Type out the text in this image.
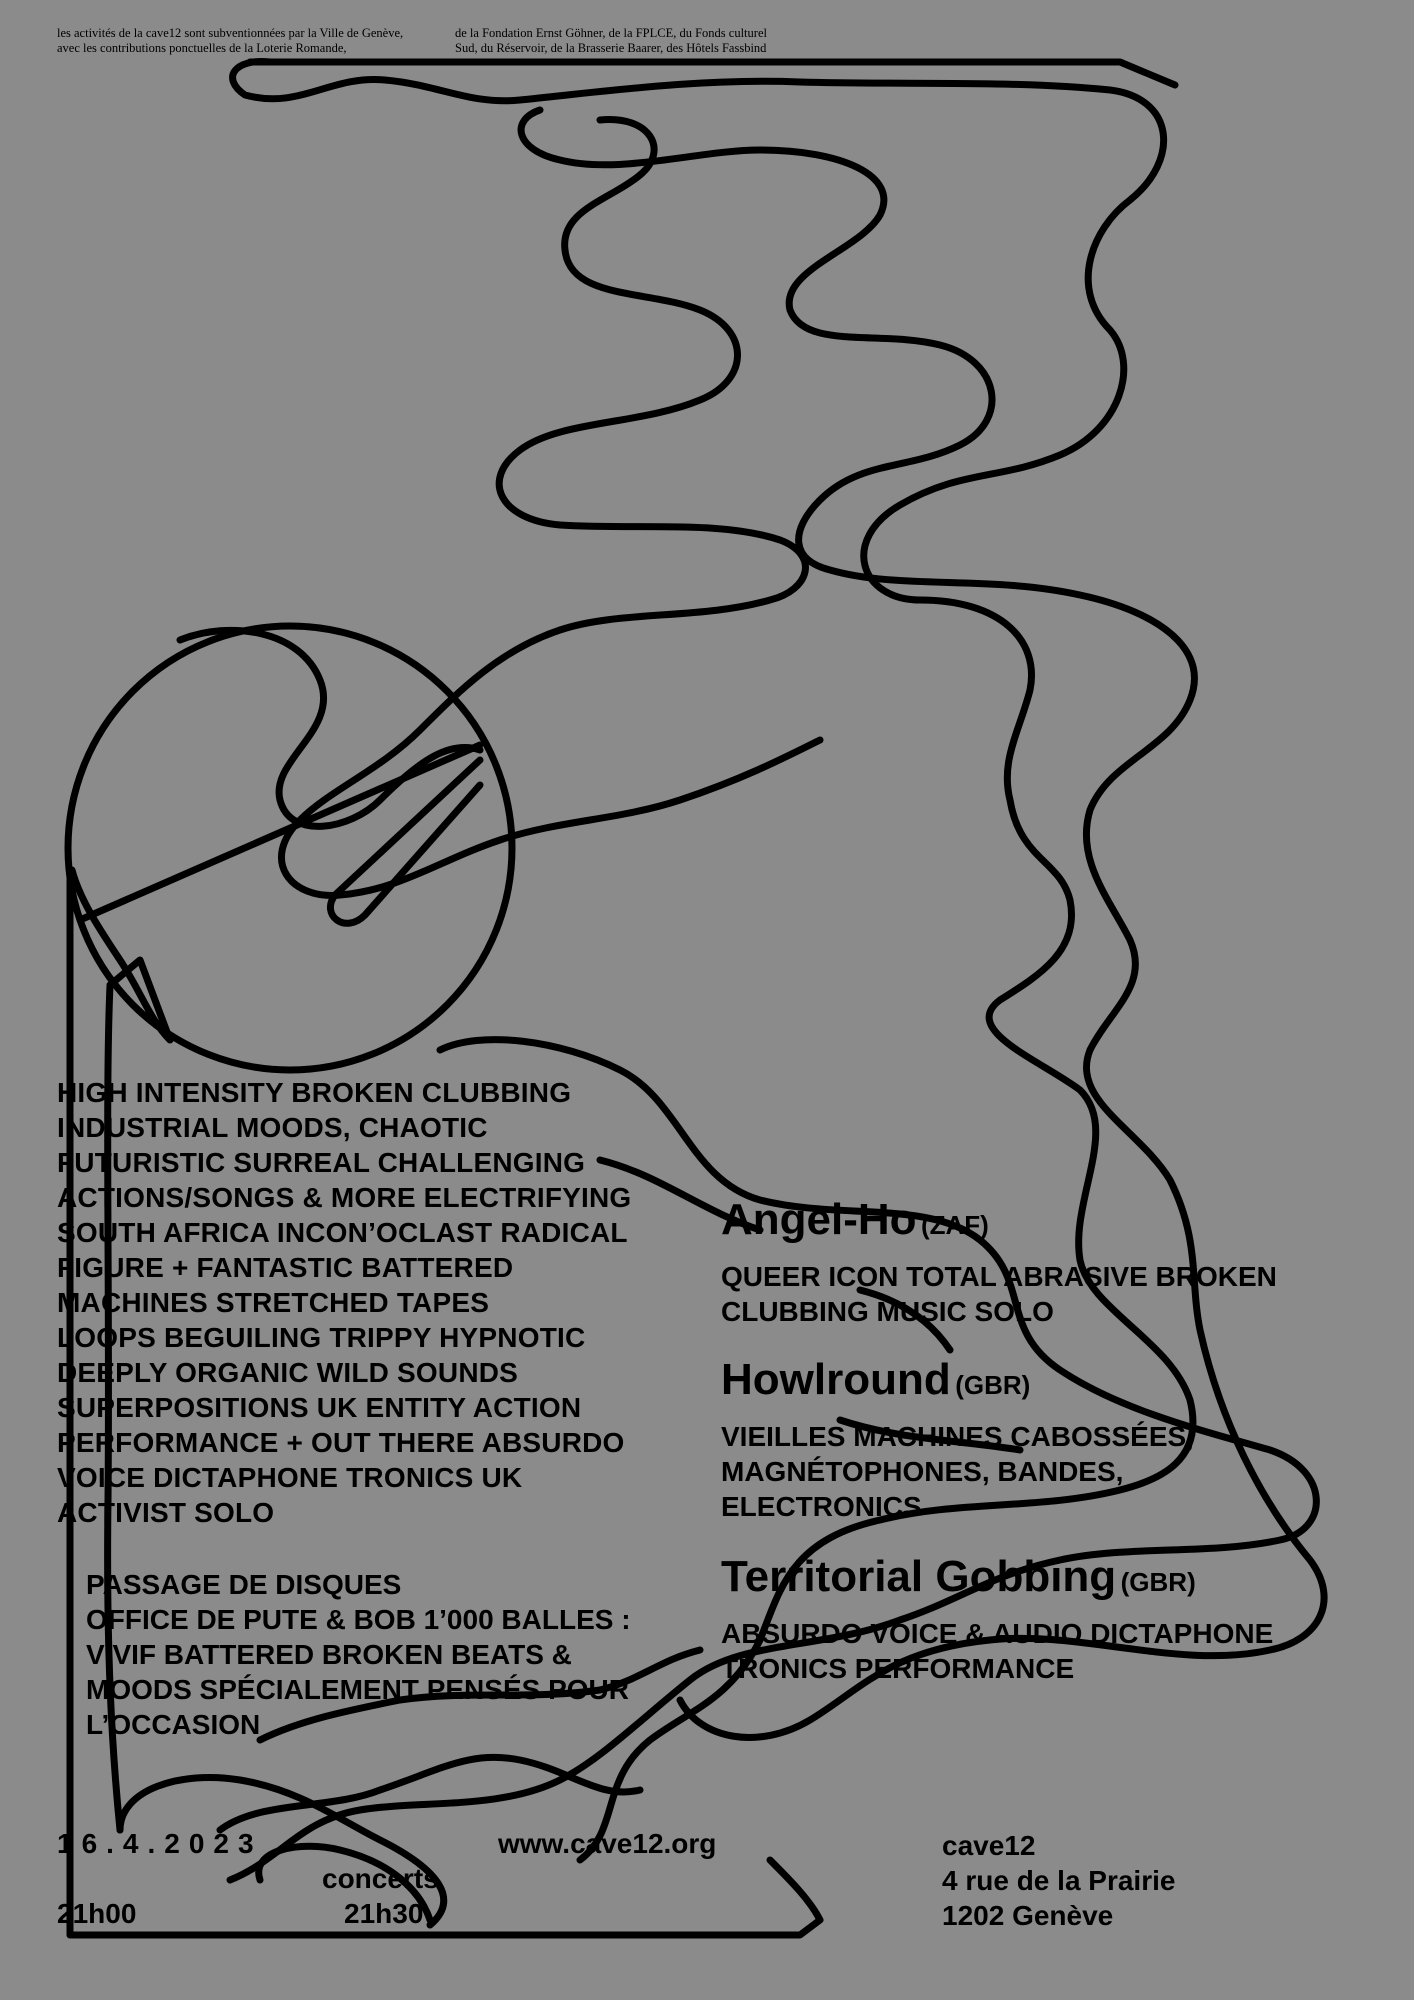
les activités de la cave12 sont subventionnées par la Ville de Genève,
avec les contributions ponctuelles de la Loterie Romande,
de la Fondation Ernst Göhner, de la FPLCE, du Fonds culturel
Sud, du Réservoir, de la Brasserie Baarer, des Hôtels Fassbind
HIGH INTENSITY BROKEN CLUBBING
INDUSTRIAL MOODS, CHAOTIC
FUTURISTIC SURREAL CHALLENGING
ACTIONS/SONGS & MORE ELECTRIFYING
SOUTH AFRICA INCON’OCLAST RADICAL
FIGURE + FANTASTIC BATTERED
MACHINES STRETCHED TAPES
LOOPS BEGUILING TRIPPY HYPNOTIC
DEEPLY ORGANIC WILD SOUNDS
SUPERPOSITIONS UK ENTITY ACTION
PERFORMANCE + OUT THERE ABSURDO
VOICE DICTAPHONE TRONICS UK
ACTIVIST SOLO
PASSAGE DE DISQUES
OFFICE DE PUTE & BOB 1’000 BALLES :
VIVIF BATTERED BROKEN BEATS &
MOODS SPÉCIALEMENT PENSÉS POUR
L’OCCASION
Angel-Ho (ZAF)
QUEER ICON TOTAL ABRASIVE BROKEN
CLUBBING MUSIC SOLO
Howlround (GBR)
VIEILLES MACHINES CABOSSÉES,
MAGNÉTOPHONES, BANDES,
ELECTRONICS
Territorial Gobbing (GBR)
ABSURDO VOICE & AUDIO DICTAPHONE
TRONICS PERFORMANCE
16.4.2023	www.cave12.org
concerts
21h00	21h30
cave12
4 rue de la Prairie
1202 Genève
